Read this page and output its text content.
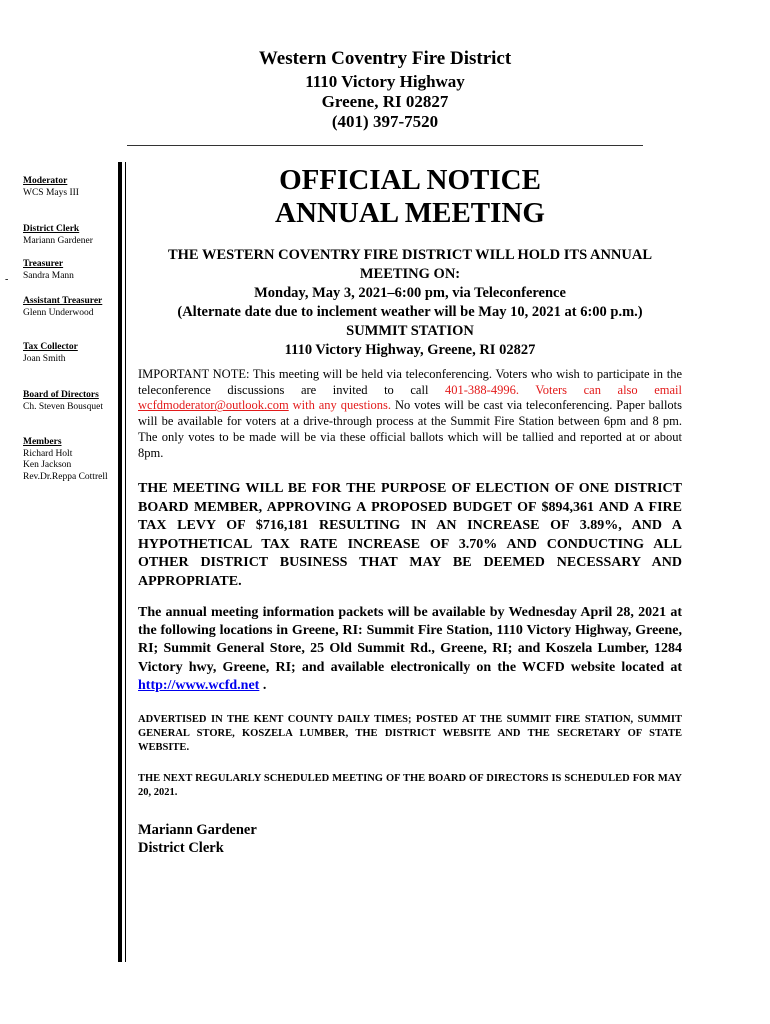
Western Coventry Fire District
1110 Victory Highway
Greene, RI 02827
(401) 397-7520
-
Moderator
WCS Mays III
District Clerk
Mariann Gardener
Treasurer
Sandra Mann
Assistant Treasurer
Glenn Underwood
Tax Collector
Joan Smith
Board of Directors
Ch. Steven Bousquet
Members
Richard Holt
Ken Jackson
Rev.Dr.Reppa Cottrell
OFFICIAL NOTICE
ANNUAL MEETING
THE WESTERN COVENTRY FIRE DISTRICT WILL HOLD ITS ANNUAL MEETING ON:
Monday, May 3, 2021–6:00 pm, via Teleconference
(Alternate date due to inclement weather will be May 10, 2021 at 6:00 p.m.)
SUMMIT STATION
1110 Victory Highway, Greene, RI 02827
IMPORTANT NOTE: This meeting will be held via teleconferencing. Voters who wish to participate in the teleconference discussions are invited to call 401-388-4996. Voters can also email wcfdmoderator@outlook.com with any questions. No votes will be cast via teleconferencing. Paper ballots will be available for voters at a drive-through process at the Summit Fire Station between 6pm and 8 pm. The only votes to be made will be via these official ballots which will be tallied and reported at or about 8pm.
THE MEETING WILL BE FOR THE PURPOSE OF ELECTION OF ONE DISTRICT BOARD MEMBER, APPROVING A PROPOSED BUDGET OF $894,361 AND A FIRE TAX LEVY OF $716,181 RESULTING IN AN INCREASE OF 3.89%, AND A HYPOTHETICAL TAX RATE INCREASE OF 3.70% AND CONDUCTING ALL OTHER DISTRICT BUSINESS THAT MAY BE DEEMED NECESSARY AND APPROPRIATE.
The annual meeting information packets will be available by Wednesday April 28, 2021 at the following locations in Greene, RI: Summit Fire Station, 1110 Victory Highway, Greene, RI; Summit General Store, 25 Old Summit Rd., Greene, RI; and Koszela Lumber, 1284 Victory hwy, Greene, RI; and available electronically on the WCFD website located at http://www.wcfd.net .
ADVERTISED IN THE KENT COUNTY DAILY TIMES; POSTED AT THE SUMMIT FIRE STATION, SUMMIT GENERAL STORE, KOSZELA LUMBER, THE DISTRICT WEBSITE AND THE SECRETARY OF STATE WEBSITE.
THE NEXT REGULARLY SCHEDULED MEETING OF THE BOARD OF DIRECTORS IS SCHEDULED FOR MAY 20, 2021.
Mariann Gardener
District Clerk
